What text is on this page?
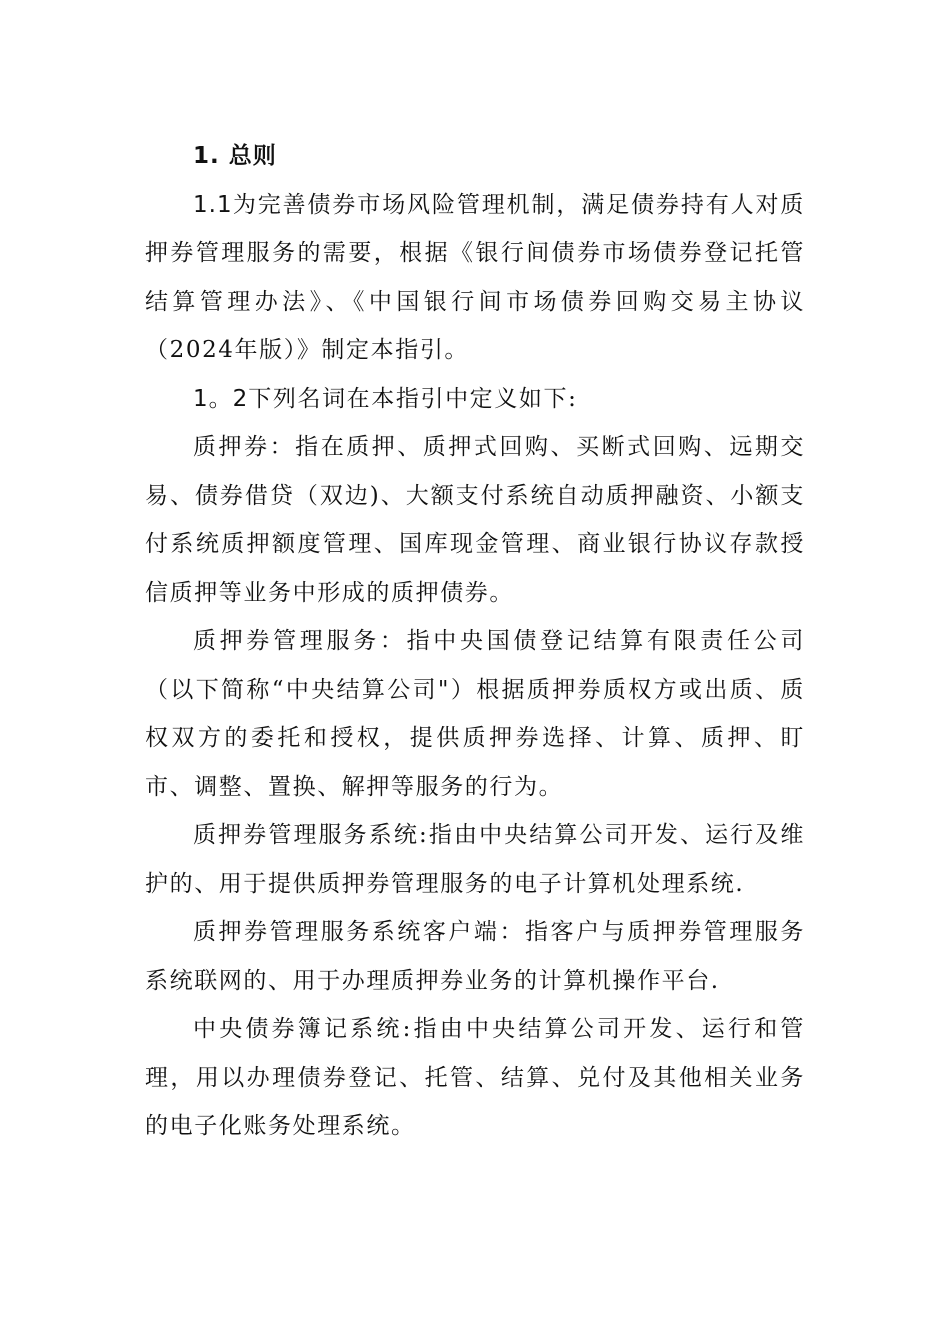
1. 总则

1.1为完善债券市场风险管理机制，满足债券持有人对质押券管理服务的需要，根据《银行间债券市场债券登记托管结算管理办法》、《中国银行间市场债券回购交易主协议（2024年版）》制定本指引。

1。2下列名词在本指引中定义如下:

质押券：指在质押、质押式回购、买断式回购、远期交易、债券借贷（双边)、大额支付系统自动质押融资、小额支付系统质押额度管理、国库现金管理、商业银行协议存款授信质押等业务中形成的质押债券。

质押券管理服务：指中央国债登记结算有限责任公司（以下简称“中央结算公司"）根据质押券质权方或出质、质权双方的委托和授权，提供质押券选择、计算、质押、盯市、调整、置换、解押等服务的行为。

质押券管理服务系统:指由中央结算公司开发、运行及维护的、用于提供质押券管理服务的电子计算机处理系统.

质押券管理服务系统客户端：指客户与质押券管理服务系统联网的、用于办理质押券业务的计算机操作平台.

中央债券簿记系统:指由中央结算公司开发、运行和管理，用以办理债券登记、托管、结算、兑付及其他相关业务的电子化账务处理系统。
